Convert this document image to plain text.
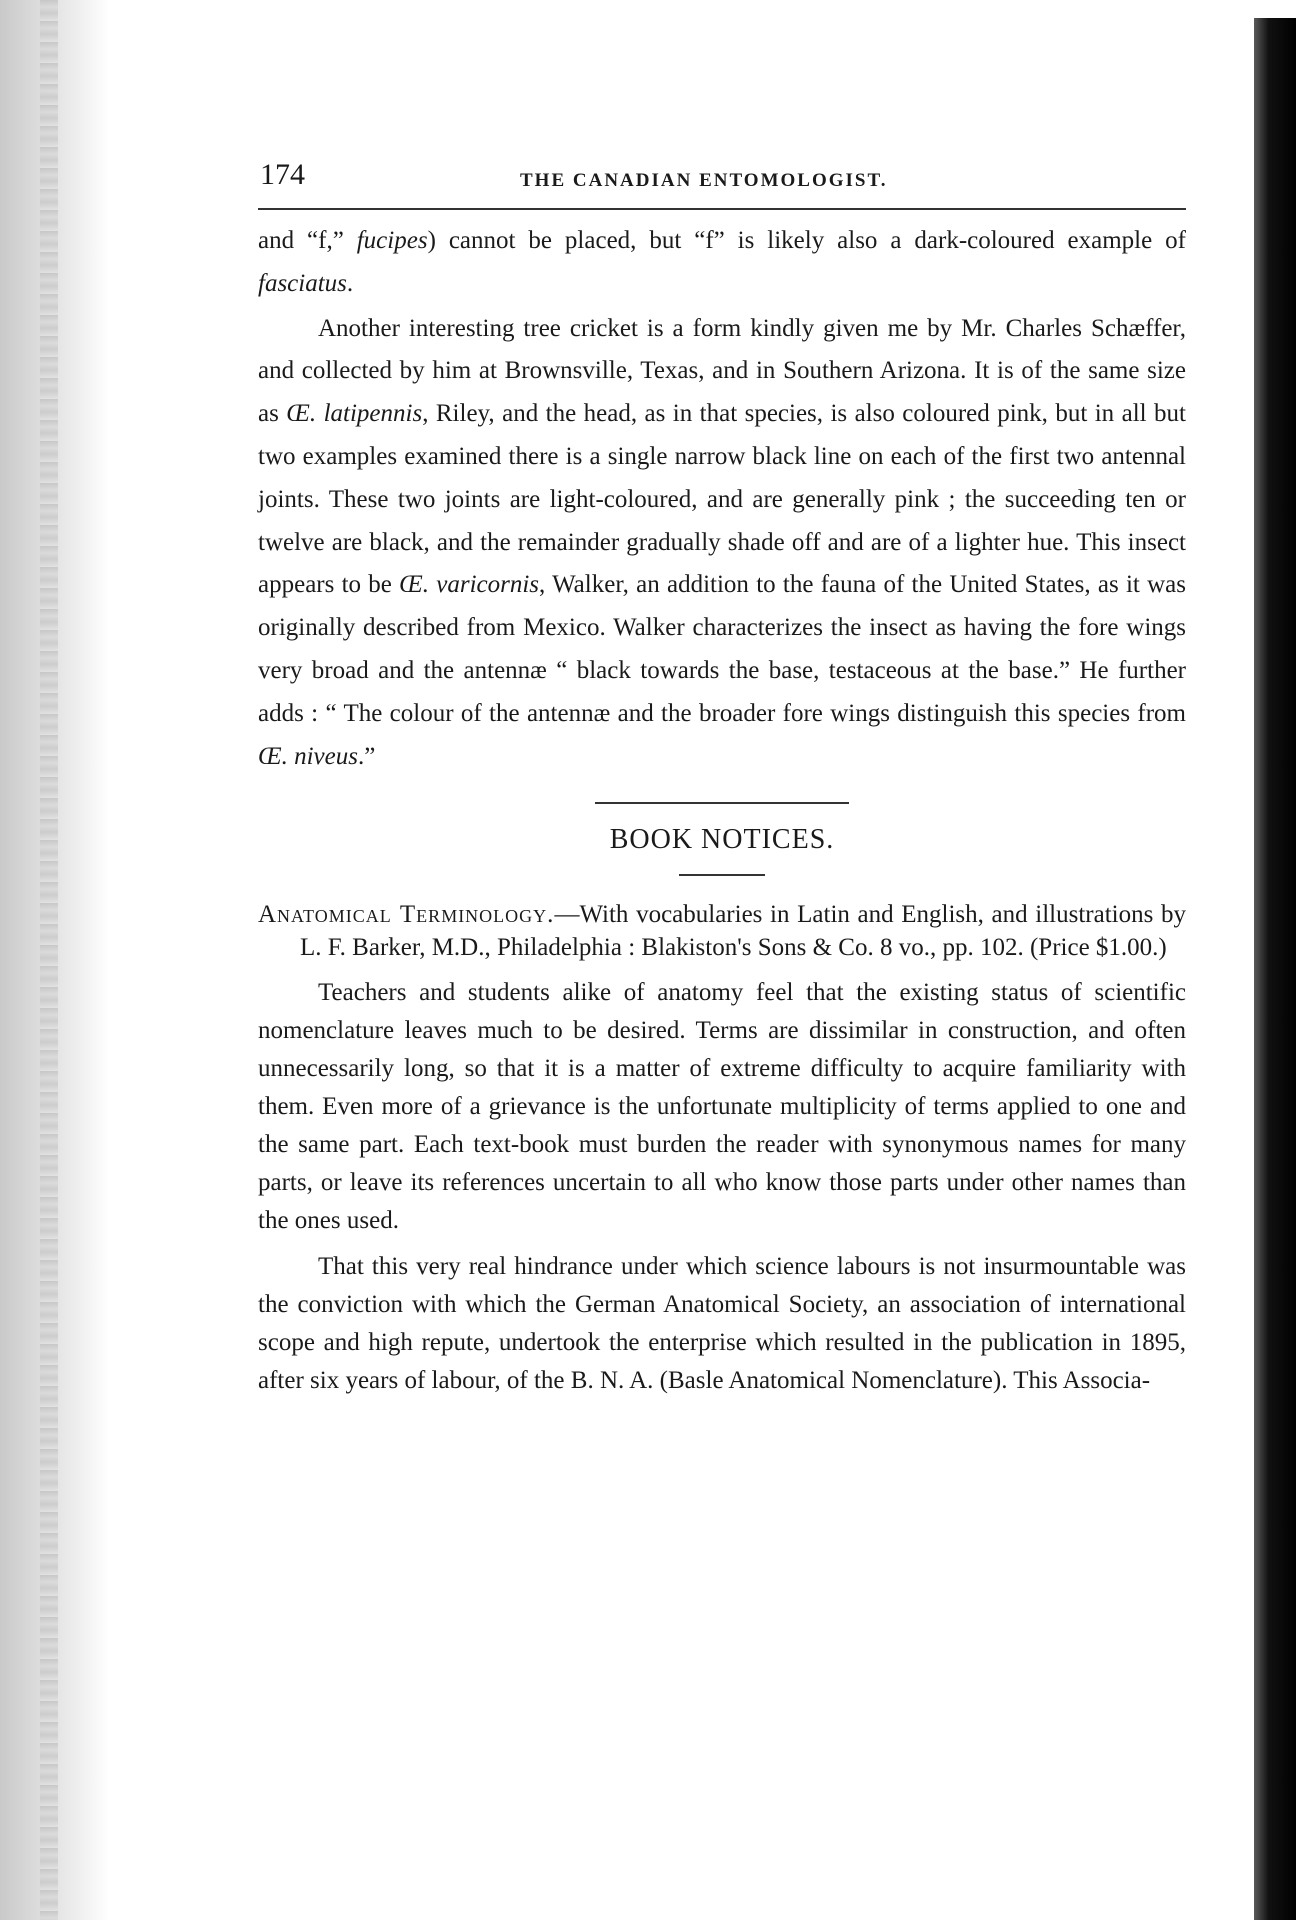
174	THE CANADIAN ENTOMOLOGIST.

and “f,” fucipes) cannot be placed, but “f” is likely also a dark-coloured example of fasciatus.

Another interesting tree cricket is a form kindly given me by Mr. Charles Schæffer, and collected by him at Brownsville, Texas, and in Southern Arizona. It is of the same size as Œ. latipennis, Riley, and the head, as in that species, is also coloured pink, but in all but two examples examined there is a single narrow black line on each of the first two antennal joints. These two joints are light-coloured, and are generally pink ; the succeeding ten or twelve are black, and the remainder gradually shade off and are of a lighter hue. This insect appears to be Œ. varicornis, Walker, an addition to the fauna of the United States, as it was originally described from Mexico. Walker characterizes the insect as having the fore wings very broad and the antennæ “ black towards the base, testaceous at the base.” He further adds : “ The colour of the antennæ and the broader fore wings distinguish this species from Œ. niveus.”

BOOK NOTICES.
Anatomical Terminology.—With vocabularies in Latin and English, and illustrations by L. F. Barker, M.D., Philadelphia : Blakiston's Sons & Co. 8 vo., pp. 102. (Price $1.00.)

Teachers and students alike of anatomy feel that the existing status of scientific nomenclature leaves much to be desired. Terms are dissimilar in construction, and often unnecessarily long, so that it is a matter of extreme difficulty to acquire familiarity with them. Even more of a grievance is the unfortunate multiplicity of terms applied to one and the same part. Each text-book must burden the reader with synonymous names for many parts, or leave its references uncertain to all who know those parts under other names than the ones used.

That this very real hindrance under which science labours is not insurmountable was the conviction with which the German Anatomical Society, an association of international scope and high repute, undertook the enterprise which resulted in the publication in 1895, after six years of labour, of the B. N. A. (Basle Anatomical Nomenclature). This Associa-
